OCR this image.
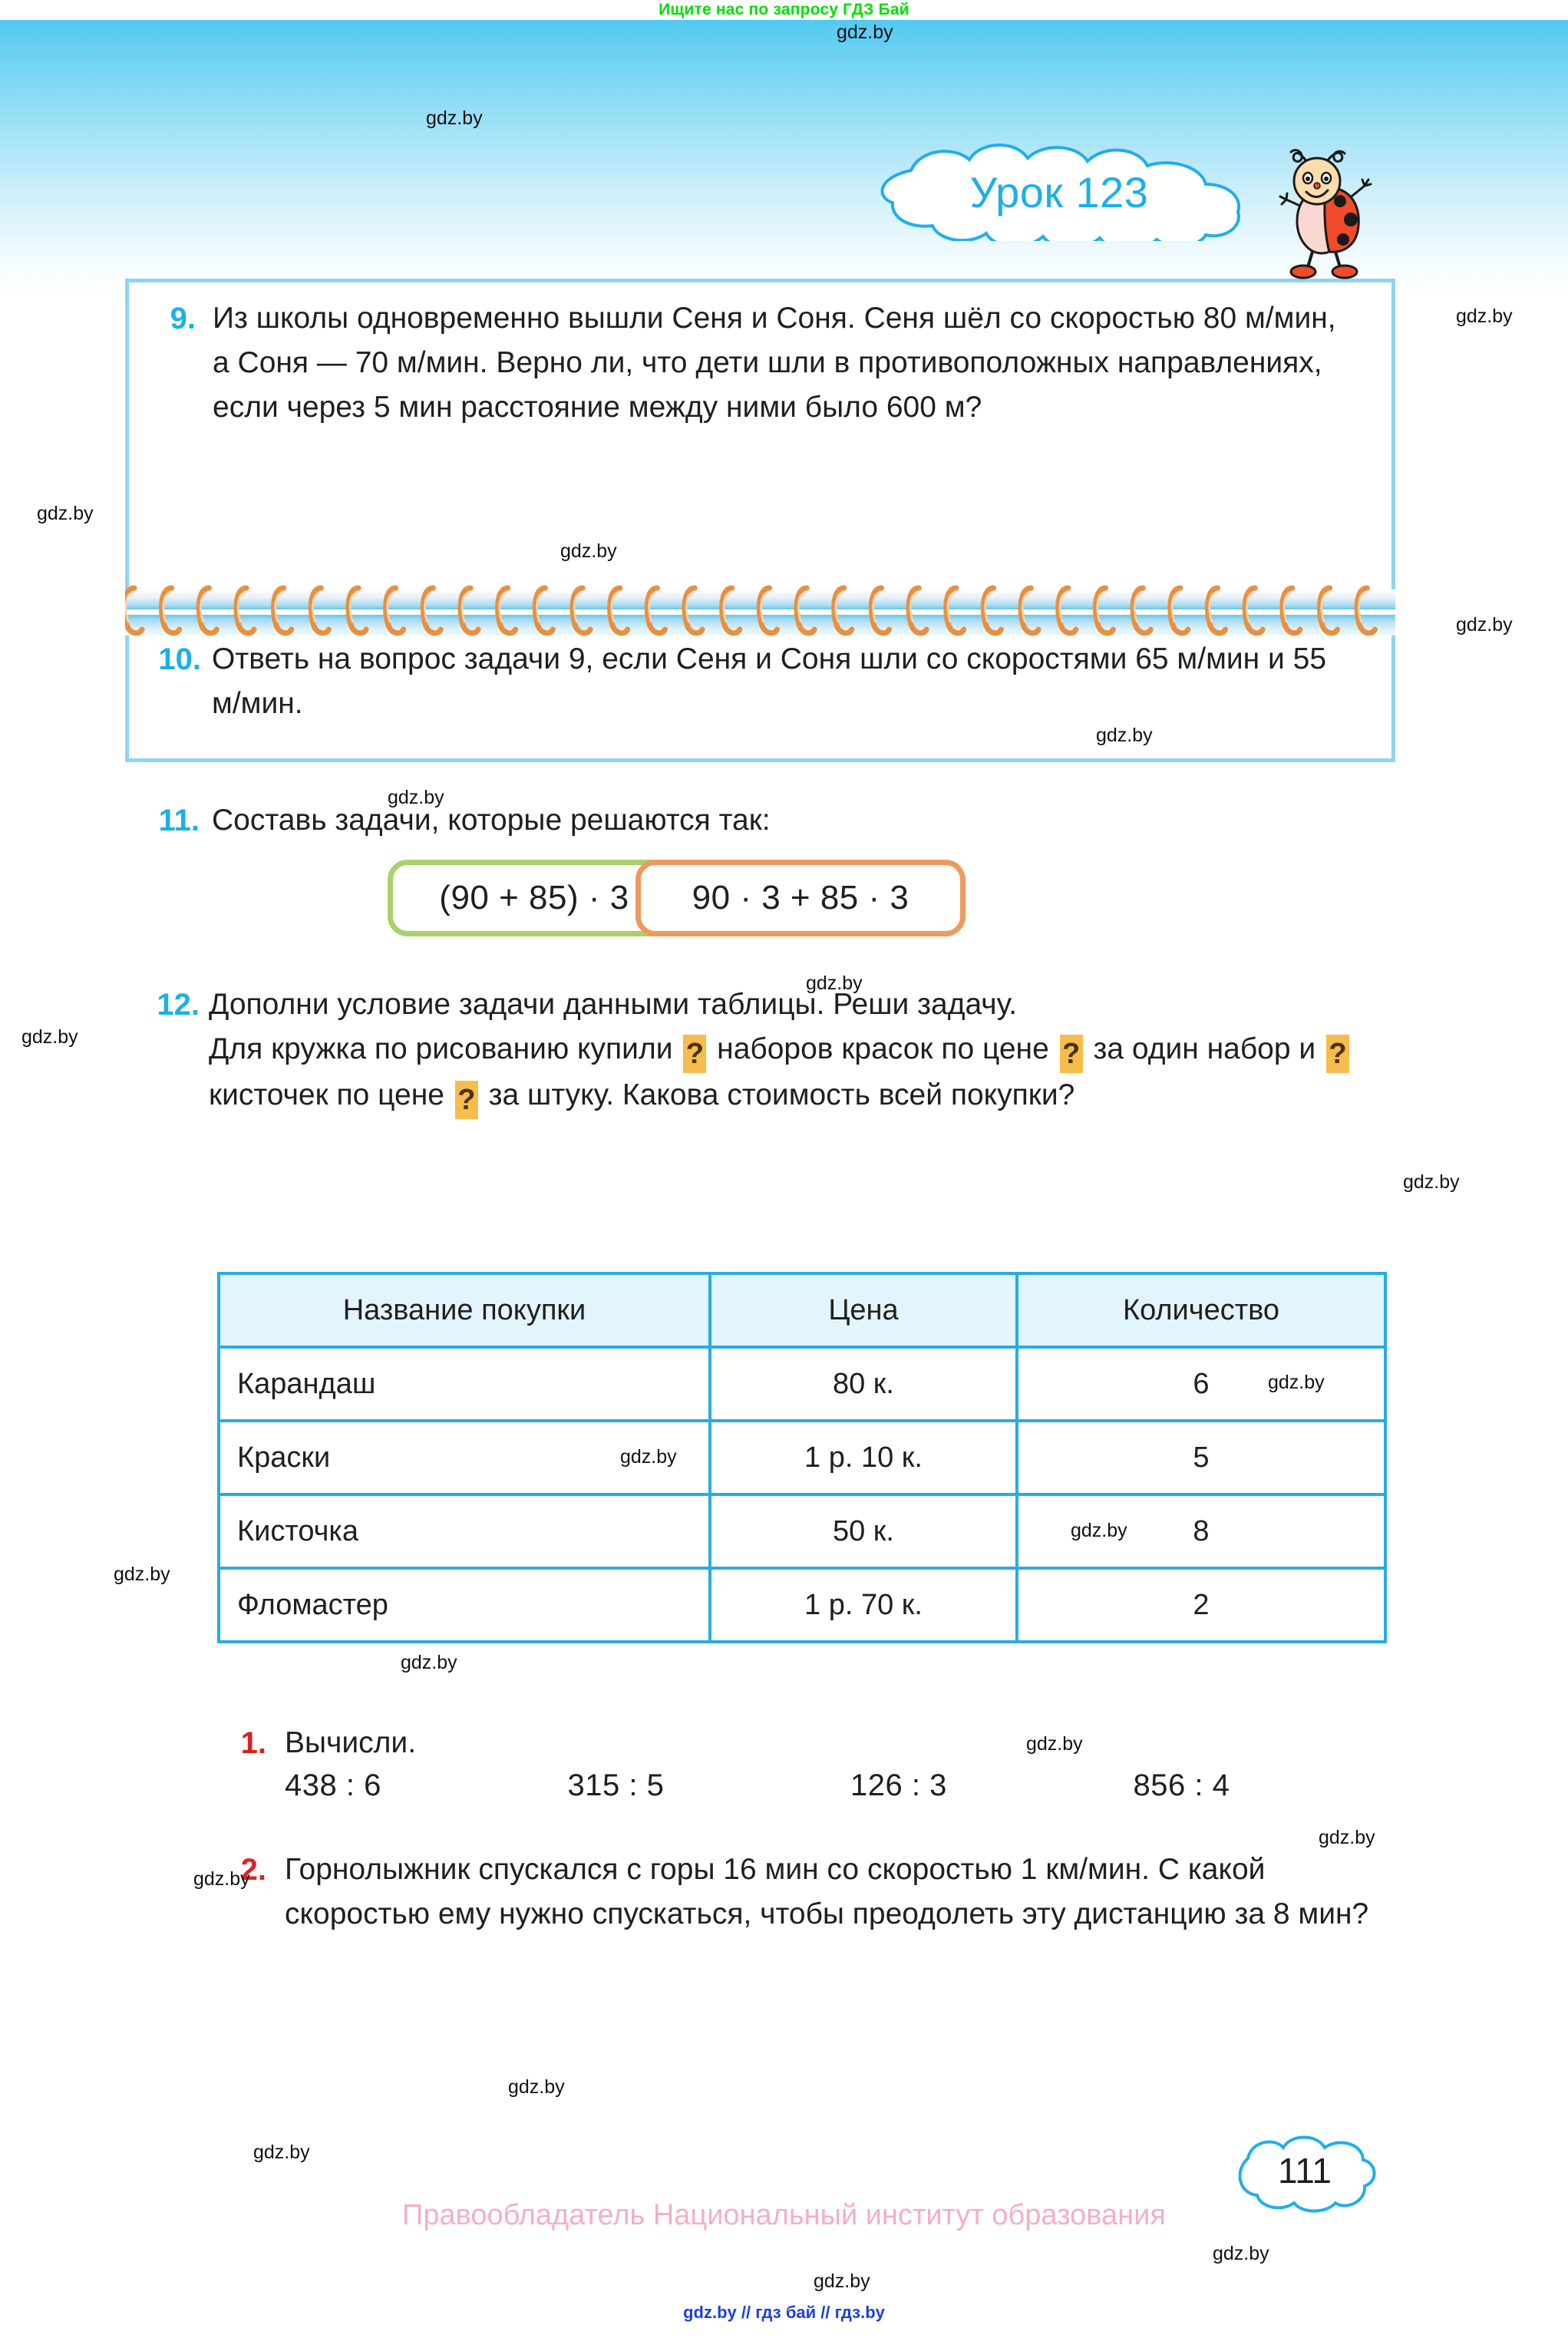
Ищите нас по запросу ГДЗ Бай
Урок 123
9. Из школы одновременно вышли Сеня и Соня. Сеня шёл со скоростью 80 м/мин, а Соня — 70 м/мин. Верно ли, что дети шли в противоположных направлениях, если через 5 мин расстояние между ними было 600 м?
10. Ответь на вопрос задачи 9, если Сеня и Соня шли со скоростями 65 м/мин и 55 м/мин.
11. Составь задачи, которые решаются так:
(90 + 85) · 3	90 · 3 + 85 · 3
12. Дополни условие задачи данными таблицы. Реши задачу.
Для кружка по рисованию купили ? наборов красок по цене ? за один набор и ? кисточек по цене ? за штуку. Какова стоимость всей покупки?
Название покупки	Цена	Количество
Карандаш	80 к.	6
Краски	1 р. 10 к.	5
Кисточка	50 к.	8
Фломастер	1 р. 70 к.	2
1. Вычисли.
438 : 6	315 : 5	126 : 3	856 : 4
2. Горнолыжник спускался с горы 16 мин со скоростью 1 км/мин. С какой скоростью ему нужно спускаться, чтобы преодолеть эту дистанцию за 8 мин?
111
Правообладатель Национальный институт образования
gdz.by // гдз бай // гдз.by
gdz.by
gdz.by
gdz.by
gdz.by
gdz.by
gdz.by
gdz.by
gdz.by
gdz.by
gdz.by
gdz.by
gdz.by
gdz.by
gdz.by
gdz.by
gdz.by
gdz.by
gdz.by
gdz.by
gdz.by
gdz.by
gdz.by
gdz.by
